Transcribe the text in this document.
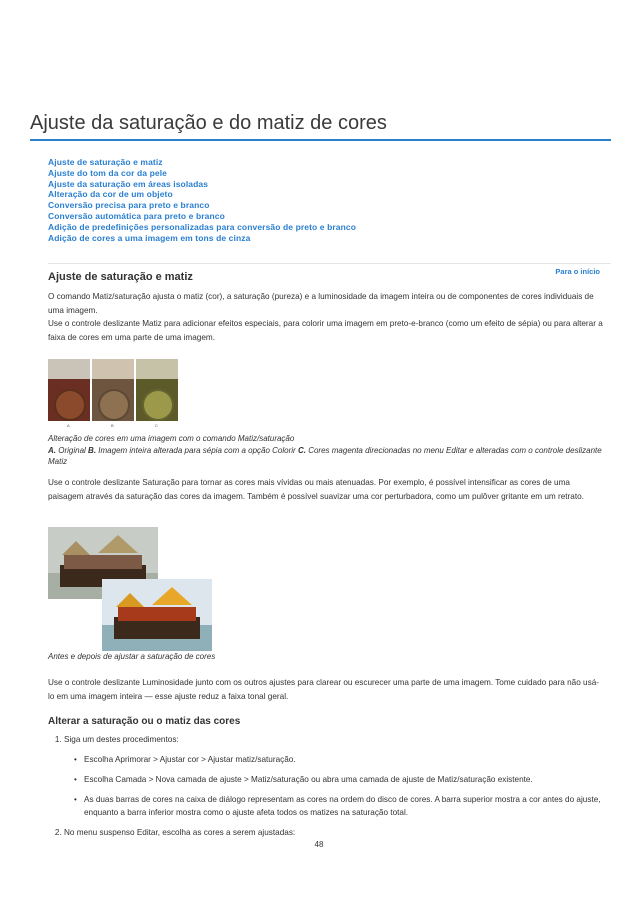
Ajuste da saturação e do matiz de cores
Ajuste de saturação e matiz
Ajuste do tom da cor da pele
Ajuste da saturação em áreas isoladas
Alteração da cor de um objeto
Conversão precisa para preto e branco
Conversão automática para preto e branco
Adição de predefinições personalizadas para conversão de preto e branco
Adição de cores a uma imagem em tons de cinza
Para o início
Ajuste de saturação e matiz

O comando Matiz/saturação ajusta o matiz (cor), a saturação (pureza) e a luminosidade da imagem inteira ou de componentes de cores individuais de uma imagem.

Use o controle deslizante Matiz para adicionar efeitos especiais, para colorir uma imagem em preto-e-branco (como um efeito de sépia) ou para alterar a faixa de cores em uma parte de uma imagem.

A	B	C

Alteração de cores em uma imagem com o comando Matiz/saturação
A. Original B. Imagem inteira alterada para sépia com a opção Colorir C. Cores magenta direcionadas no menu Editar e alteradas com o controle deslizante Matiz

Use o controle deslizante Saturação para tornar as cores mais vívidas ou mais atenuadas. Por exemplo, é possível intensificar as cores de uma paisagem através da saturação das cores da imagem. Também é possível suavizar uma cor perturbadora, como um pulôver gritante em um retrato.

Antes e depois de ajustar a saturação de cores

Use o controle deslizante Luminosidade junto com os outros ajustes para clarear ou escurecer uma parte de uma imagem. Tome cuidado para não usá-lo em uma imagem inteira — esse ajuste reduz a faixa tonal geral.

Alterar a saturação ou o matiz das cores
1. Siga um destes procedimentos:
• Escolha Aprimorar > Ajustar cor > Ajustar matiz/saturação.
• Escolha Camada > Nova camada de ajuste > Matiz/saturação ou abra uma camada de ajuste de Matiz/saturação existente.
• As duas barras de cores na caixa de diálogo representam as cores na ordem do disco de cores. A barra superior mostra a cor antes do ajuste, enquanto a barra inferior mostra como o ajuste afeta todos os matizes na saturação total.
2. No menu suspenso Editar, escolha as cores a serem ajustadas:
48
